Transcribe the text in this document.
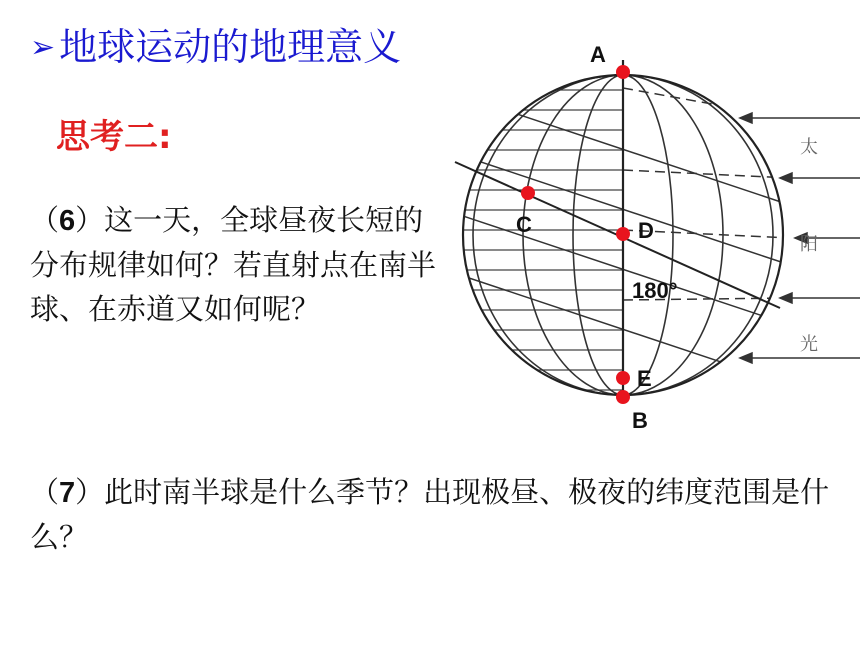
➢ 地球运动的地理意义
思考二:
（6）这一天，全球昼夜长短的分布规律如何？若直射点在南半球、在赤道又如何呢？
（7）此时南半球是什么季节？出现极昼、极夜的纬度范围是什么？
太
阳
光
A
C	D
E
B
180°
